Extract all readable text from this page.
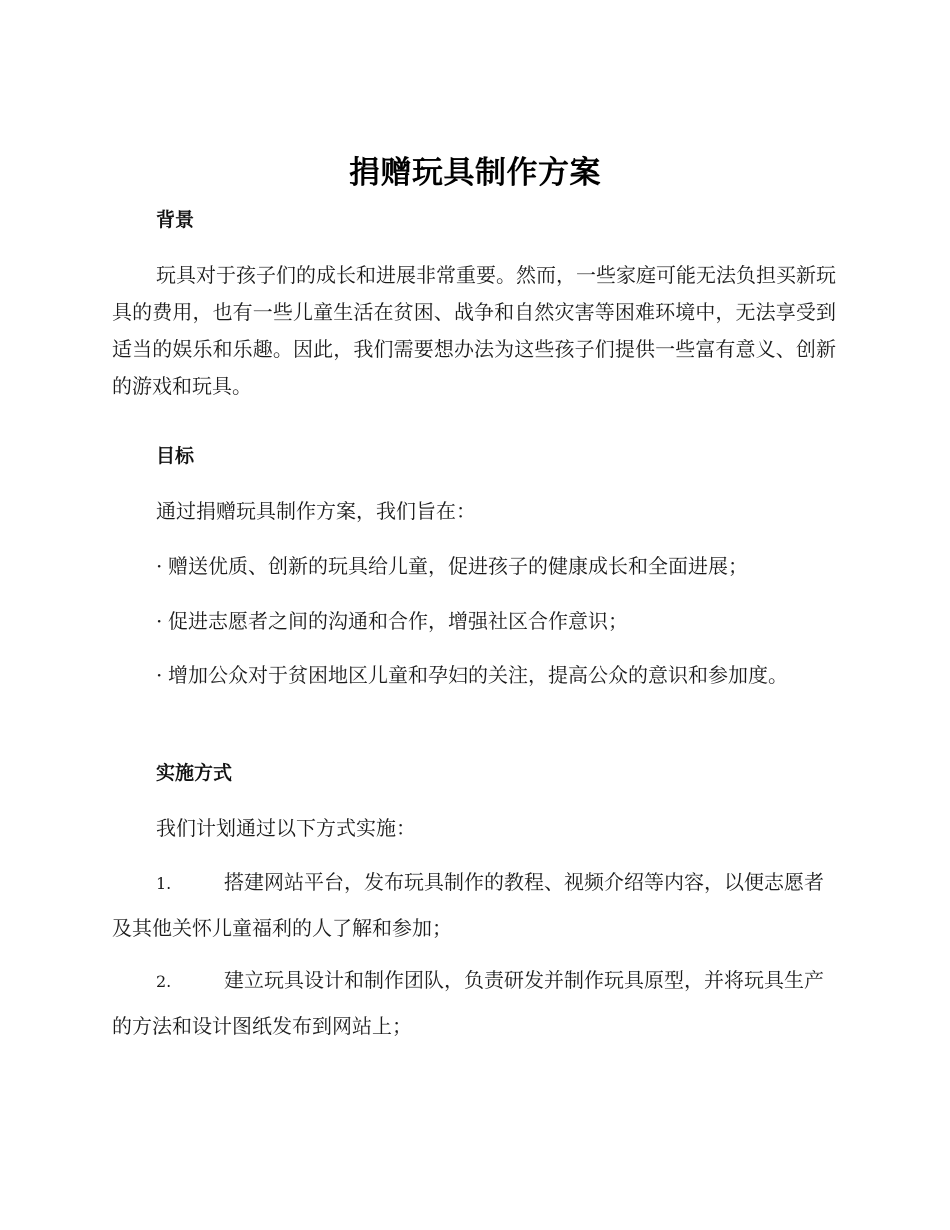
捐赠玩具制作方案
背景

玩具对于孩子们的成长和进展非常重要。然而，一些家庭可能无法负担买新玩具的费用，也有一些儿童生活在贫困、战争和自然灾害等困难环境中，无法享受到适当的娱乐和乐趣。因此，我们需要想办法为这些孩子们提供一些富有意义、创新的游戏和玩具。

目标

通过捐赠玩具制作方案，我们旨在：

· 赠送优质、创新的玩具给儿童，促进孩子的健康成长和全面进展；

· 促进志愿者之间的沟通和合作，增强社区合作意识；

· 增加公众对于贫困地区儿童和孕妇的关注，提高公众的意识和参加度。

实施方式

我们计划通过以下方式实施：

1.	搭建网站平台，发布玩具制作的教程、视频介绍等内容，以便志愿者及其他关怀儿童福利的人了解和参加；

2.	建立玩具设计和制作团队，负责研发并制作玩具原型，并将玩具生产的方法和设计图纸发布到网站上；
